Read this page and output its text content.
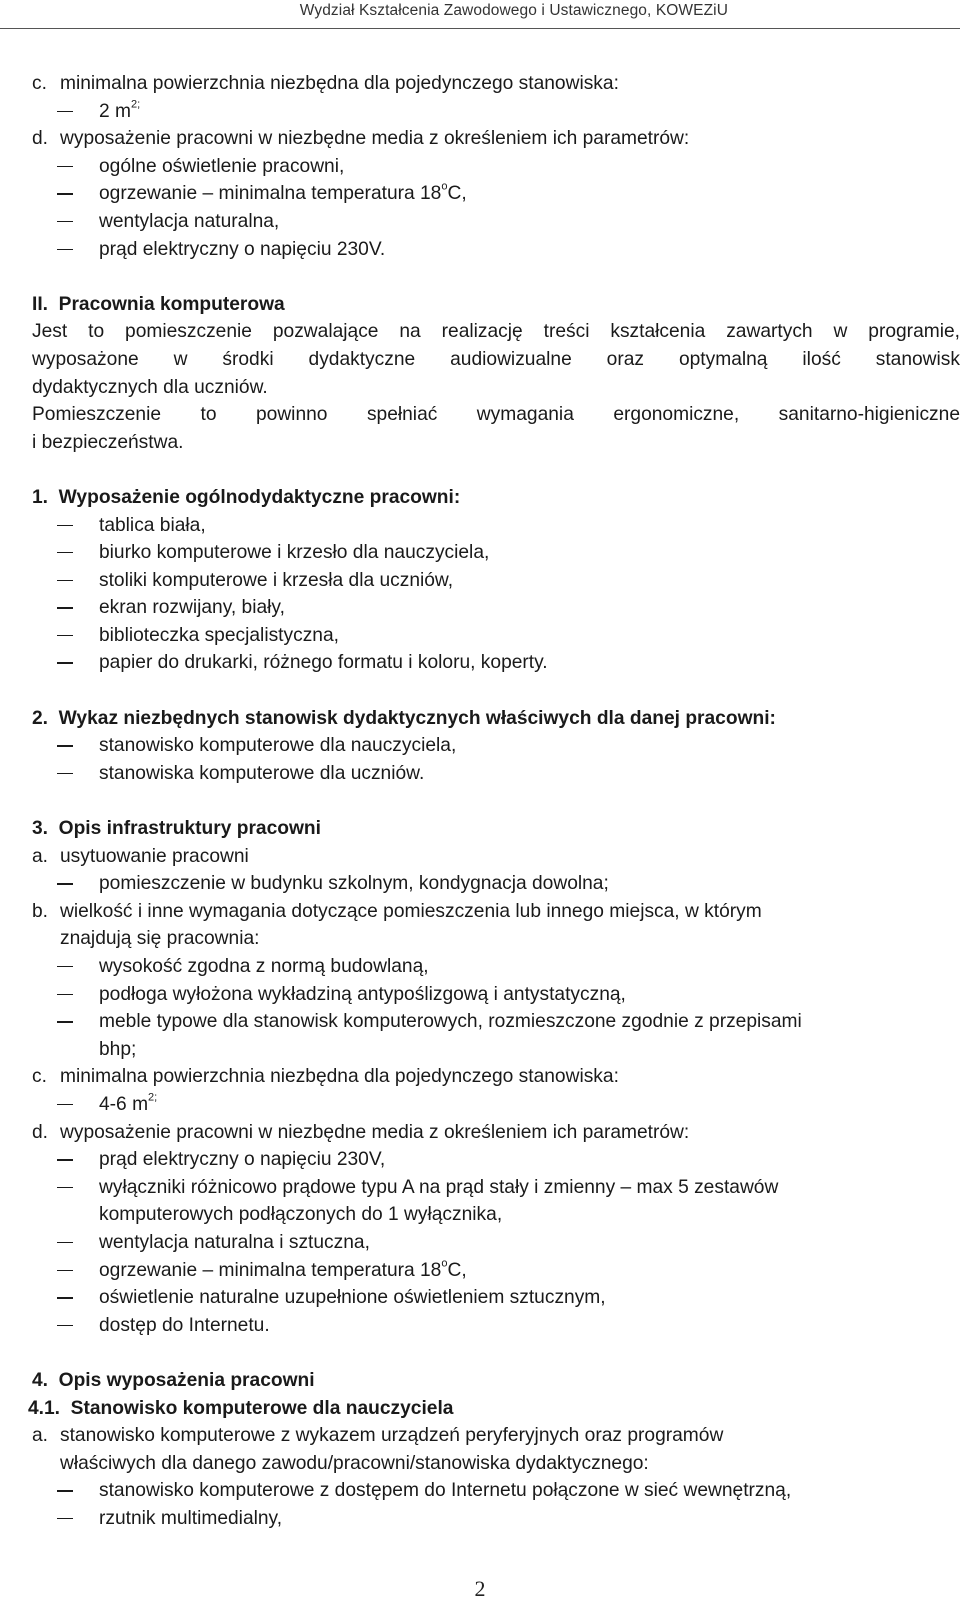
Wydział Kształcenia Zawodowego i Ustawicznego, KOWEZiU
c. minimalna powierzchnia niezbędna dla pojedynczego stanowiska:
2 $m^{2;}$
d. wyposażenie pracowni w niezbędne media z określeniem ich parametrów:
ogólne oświetlenie pracowni,
ogrzewanie – minimalna temperatura 18$^o$C,
wentylacja naturalna,
prąd elektryczny o napięciu 230V.
II.  Pracownia komputerowa
Jest to pomieszczenie pozwalające na realizację treści kształcenia zawartych w programie,
wyposażone w środki dydaktyczne audiowizualne oraz optymalną ilość stanowisk
dydaktycznych dla uczniów.
Pomieszczenie to powinno spełniać wymagania ergonomiczne, sanitarno-higieniczne
i bezpieczeństwa.
1.  Wyposażenie ogólnodydaktyczne pracowni:
tablica biała,
biurko komputerowe i krzesło dla nauczyciela,
stoliki komputerowe i krzesła dla uczniów,
ekran rozwijany, biały,
biblioteczka specjalistyczna,
papier do drukarki, różnego formatu i koloru, koperty.
2.  Wykaz niezbędnych stanowisk dydaktycznych właściwych dla danej pracowni:
stanowisko komputerowe dla nauczyciela,
stanowiska komputerowe dla uczniów.
3.  Opis infrastruktury pracowni
a. usytuowanie pracowni
pomieszczenie w budynku szkolnym, kondygnacja dowolna;
b. wielkość i inne wymagania dotyczące pomieszczenia lub innego miejsca, w którym
znajdują się pracownia:
wysokość zgodna z normą budowlaną,
podłoga wyłożona wykładziną antypoślizgową i antystatyczną,
meble typowe dla stanowisk komputerowych, rozmieszczone zgodnie z przepisami
bhp;
c. minimalna powierzchnia niezbędna dla pojedynczego stanowiska:
4-6 $m^{2;}$
d. wyposażenie pracowni w niezbędne media z określeniem ich parametrów:
prąd elektryczny o napięciu 230V,
wyłączniki różnicowo prądowe typu A na prąd stały i zmienny – max 5 zestawów
komputerowych podłączonych do 1 wyłącznika,
wentylacja naturalna i sztuczna,
ogrzewanie – minimalna temperatura 18$^o$C,
oświetlenie naturalne uzupełnione oświetleniem sztucznym,
dostęp do Internetu.
4.  Opis wyposażenia pracowni
4.1.  Stanowisko komputerowe dla nauczyciela
a. stanowisko komputerowe z wykazem urządzeń peryferyjnych oraz programów
właściwych dla danego zawodu/pracowni/stanowiska dydaktycznego:
stanowisko komputerowe z dostępem do Internetu połączone w sieć wewnętrzną,
rzutnik multimedialny,
2
